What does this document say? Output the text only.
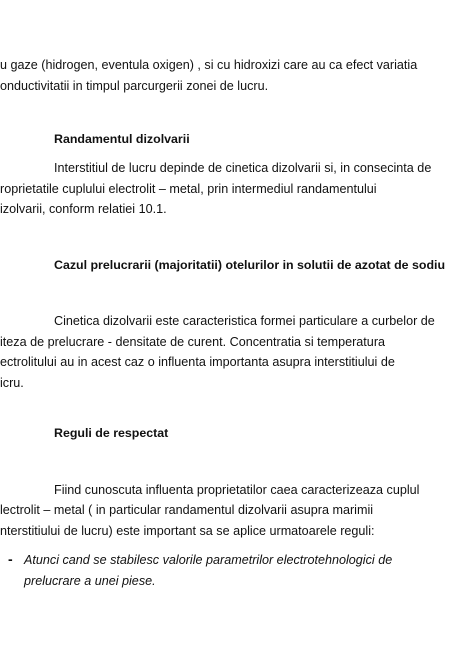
u gaze (hidrogen, eventula oxigen) , si cu hidroxizi care au ca efect variatia
onductivitatii in timpul parcurgerii zonei de lucru.
Randamentul dizolvarii
Interstitiul de lucru depinde de cinetica dizolvarii si, in consecinta de
roprietatile cuplului electrolit – metal, prin intermediul randamentului
izolvarii, conform relatiei 10.1.
Cazul prelucrarii (majoritatii) otelurilor in solutii de azotat de sodiu
Cinetica dizolvarii este caracteristica formei particulare a curbelor de
iteza de prelucrare - densitate de curent. Concentratia si temperatura
ectrolitului au in acest caz o influenta importanta asupra interstitiului de
icru.
Reguli de respectat
Fiind cunoscuta influenta proprietatilor caea caracterizeaza cuplul
lectrolit – metal ( in particular randamentul dizolvarii asupra marimii
nterstitiului de lucru) este important sa se aplice urmatoarele reguli:
- Atunci cand se stabilesc valorile parametrilor electrotehnologici de
prelucrare a unei piese.
